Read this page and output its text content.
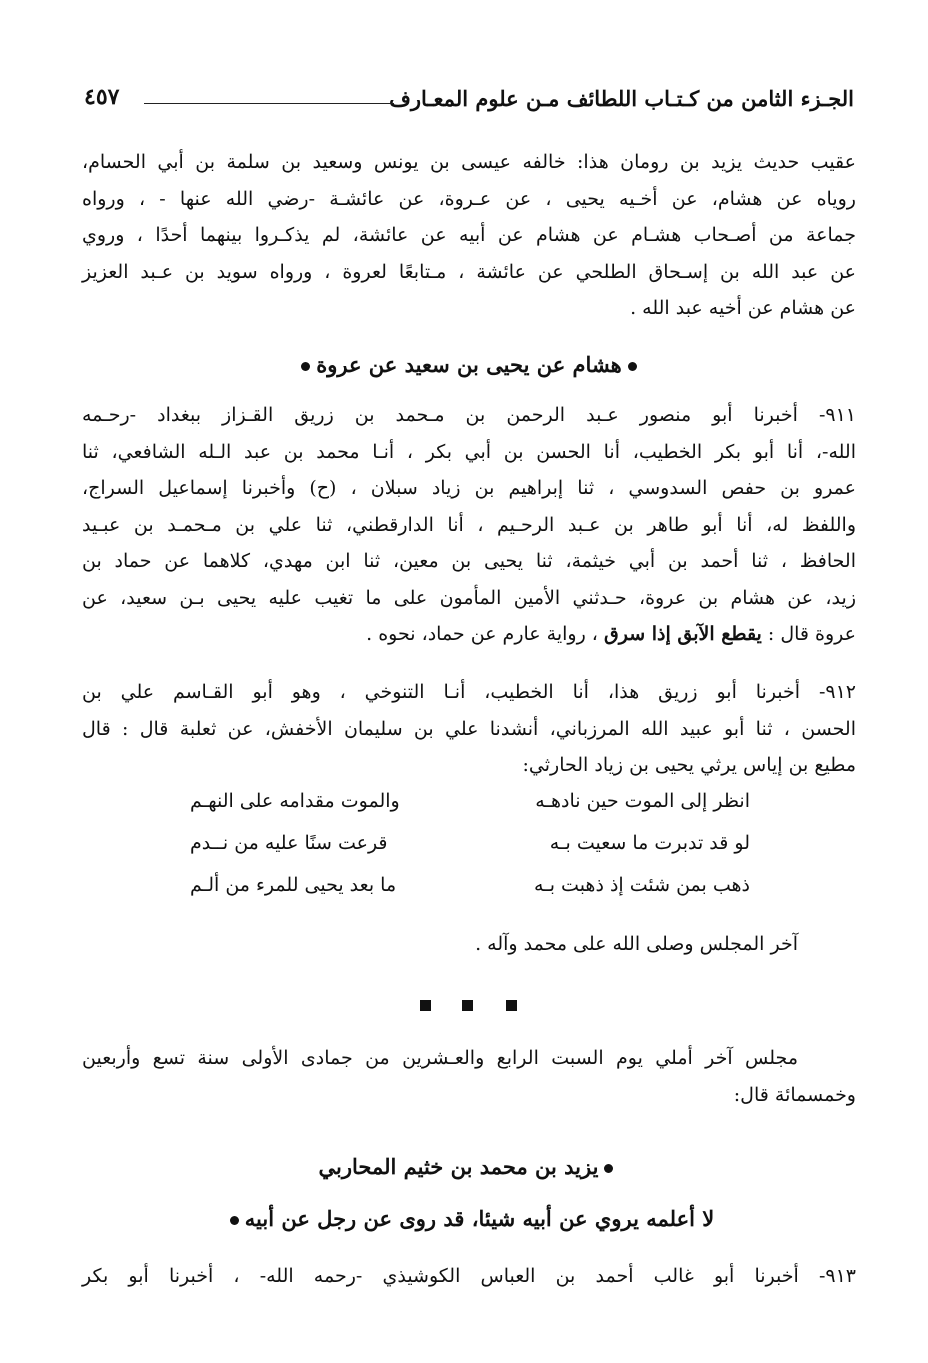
الجـزء الثامن من كـتـاب اللطائف مـن علوم المعـارف
٤٥٧
عقيب حديث يزيد بن رومان هذا: خالفه عيسى بن يونس وسعيد بن سلمة بن أبي الحسام،
روياه عن هشام، عن أخـيه يحيى ، عن عـروة، عن عائشـة -رضي الله عنها - ، ورواه
جماعة من أصـحاب هشـام عن هشام عن أبيه عن عائشة، لم يذكـروا بينهما أحدًا ، وروي
عن عبد الله بن إسـحاق الطلحي عن عائشة ، مـتابعًا لعروة ، ورواه سويد بن عـبد العزيز
عن هشام عن أخيه عبد الله .
هشام عن يحيى بن سعيد عن عروة
٩١١- أخبرنا أبو منصور عـبد الرحمن بن مـحمد بن زريق القـزاز ببغداد -رحـمه
الله-، أنا أبو بكر الخطيب، أنا الحسن بن أبي بكر ، أنـا محمد بن عبد الـله الشافعي، ثنا
عمرو بن حفص السدوسي ، ثنا إبراهيم بن زياد سبلان ، (ح) وأخبرنا إسماعيل السراج،
واللفظ له، أنا أبو طاهر بن عـبد الرحـيم ، أنا الدارقطني، ثنا علي بن مـحمـد بن عبـيد
الحافظ ، ثنا أحمد بن أبي خيثمة، ثنا يحيى بن معين، ثنا ابن مهدي، كلاهما عن حماد بن
زيد، عن هشام بن عروة، حـدثني الأمين المأمون على ما تغيب عليه يحيى بـن سعيد، عن
عروة قال : يقطع الآبق إذا سرق ، رواية عارم عن حماد، نحوه .
٩١٢- أخبرنا أبو زريق هذا، أنا الخطيب، أنـا التنوخي ، وهو أبو القـاسم علي بن
الحسن ، ثنا أبو عبيد الله المرزباني، أنشدنا علي بن سليمان الأخفش، عن ثعلبة قال : قال
مطيع بن إياس يرثي يحيى بن زياد الحارثي:
انظر إلى الموت حين نادهـه
والموت مقدامه على النهـم
لو قد تدبرت ما سعيت بـه
قرعت سنًا عليه من نــدم
ذهب بمن شئت إذ ذهبت بـه
ما بعد يحيى للمرء من ألـم
آخر المجلس وصلى الله على محمد وآله .
مجلس آخر أملي يوم السبت الرابع والعـشرين من جمادى الأولى سنة تسع وأربعين
وخمسمائة قال:
يزيد بن محمد بن خثيم المحاربي
لا أعلمه يروي عن أبيه شيئا، قد روى عن رجل عن أبيه
٩١٣- أخبرنا أبو غالب أحمد بن العباس الكوشيذي -رحمه الله- ، أخبرنا أبو بكر
